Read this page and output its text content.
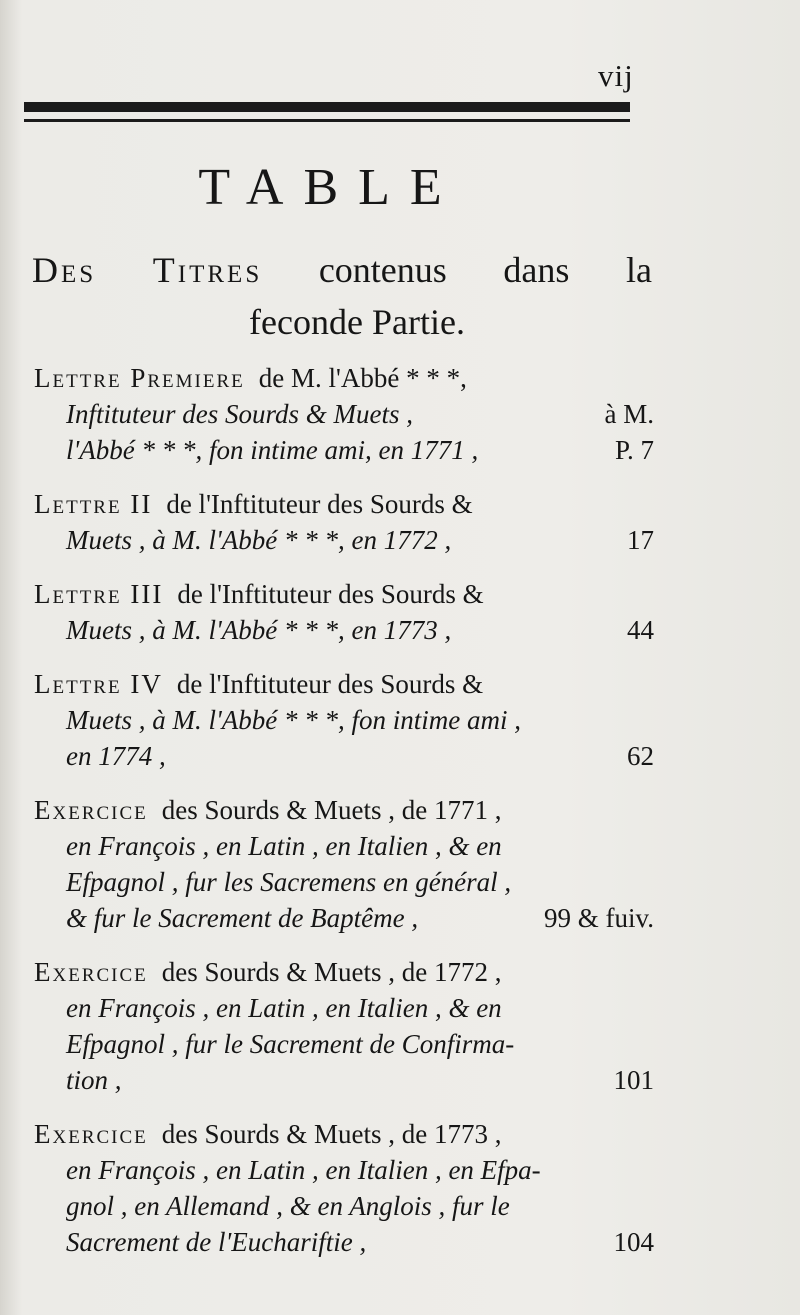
vij
TABLE
Des Titres contenus dans la
feconde Partie.
Lettre Premiere de M. l'Abbé * * *,
Inftituteur des Sourds & Muets ,	à M.
l'Abbé * * *, fon intime ami, en 1771 ,	P. 7
Lettre II de l'Inftituteur des Sourds &
Muets , à M. l'Abbé * * *, en 1772 ,	17
Lettre III de l'Inftituteur des Sourds &
Muets , à M. l'Abbé * * *, en 1773 ,	44
Lettre IV de l'Inftituteur des Sourds &
Muets , à M. l'Abbé * * *, fon intime ami ,
en 1774 ,	62
Exercice des Sourds & Muets , de 1771 ,
en François , en Latin , en Italien , & en
Efpagnol , fur les Sacremens en général ,
& fur le Sacrement de Baptême ,	99 & fuiv.
Exercice des Sourds & Muets , de 1772 ,
en François , en Latin , en Italien , & en
Efpagnol , fur le Sacrement de Confirma-
tion ,	101
Exercice des Sourds & Muets , de 1773 ,
en François , en Latin , en Italien , en Efpa-
gnol , en Allemand , & en Anglois , fur le
Sacrement de l'Euchariftie ,	104
